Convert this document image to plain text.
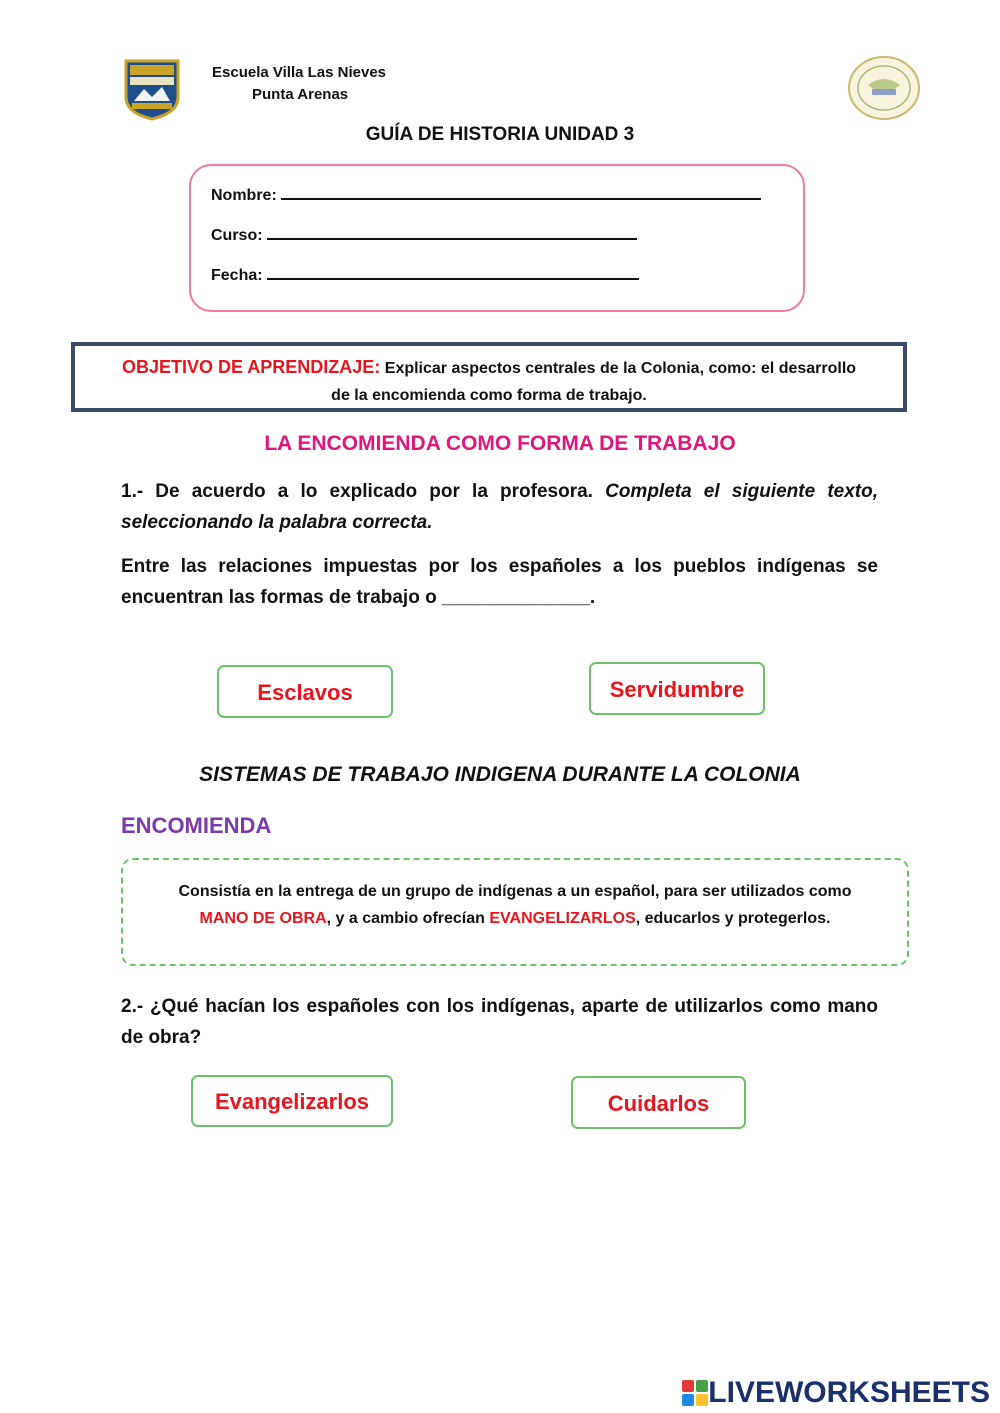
Escuela Villa Las Nieves
Punta Arenas
GUÍA DE HISTORIA UNIDAD 3
Nombre:
Curso:
Fecha:
OBJETIVO DE APRENDIZAJE: Explicar aspectos centrales de la Colonia, como: el desarrollo
de la encomienda como forma de trabajo.
LA ENCOMIENDA COMO FORMA DE TRABAJO
1.- De acuerdo a lo explicado por la profesora. Completa el siguiente texto, seleccionando la palabra correcta.
Entre las relaciones impuestas por los españoles a los pueblos indígenas se encuentran las formas de trabajo o ______________.
Esclavos	Servidumbre
SISTEMAS DE TRABAJO INDIGENA DURANTE LA COLONIA
ENCOMIENDA
Consistía en la entrega de un grupo de indígenas a un español, para ser utilizados como
MANO DE OBRA, y a cambio ofrecían EVANGELIZARLOS, educarlos y protegerlos.
2.- ¿Qué hacían los españoles con los indígenas, aparte de utilizarlos como mano de obra?
Evangelizarlos	Cuidarlos
LIVEWORKSHEETS
